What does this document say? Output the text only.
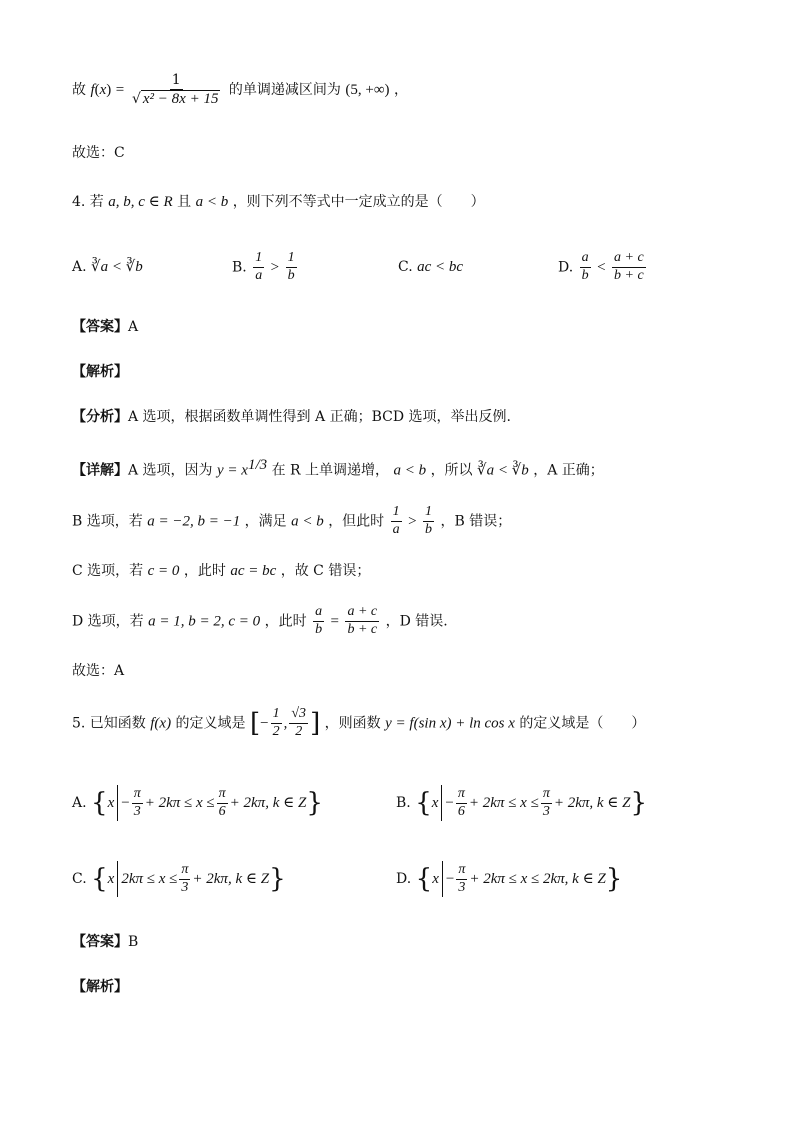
故 $f(x) = \frac{1}{\text{√ x² − 8x + 15}}$ 的单调递减区间为 (5, +∞) ，
故选：C
4. 若 a, b, c ∈ R 且 a < b ，则下列不等式中一定成立的是（　　）
A. ∛a < ∛b	B. $\frac{1}{a} > \frac{1}{b}$	C. ac < bc	D. $\frac{a}{b} < \frac{a + c}{b + c}$
【答案】A
【解析】
【分析】A 选项，根据函数单调性得到 A 正确；BCD 选项，举出反例.
【详解】A 选项，因为 $y = x^{1/3}$ 在 R 上单调递增， a < b ，所以 ∛a < ∛b ，A 正确；
B 选项，若 a = −2, b = −1 ，满足 a < b ，但此时 $\frac{1}{a} > \frac{1}{b}$ ，B 错误；
C 选项，若 c = 0 ，此时 ac = bc ，故 C 错误；
D 选项，若 a = 1, b = 2, c = 0 ，此时 $\frac{a}{b} = \frac{a + c}{b + c}$ ，D 错误.
故选：A
5. 已知函数 f(x) 的定义域是 [− $\frac{1}{2}$ , $\frac{√3}{2}$ ] ，则函数 y = f(sin x) + ln cos x 的定义域是（　　）
A. {$x - \frac{\pi}{3} + 2k\pi \le x \le \frac{\pi}{6} + 2k\pi$, k ∈ Z}	B. {$x - \frac{\pi}{6} + 2k\pi \le x \le \frac{\pi}{3} + 2k\pi$, k ∈ Z}
C. {x $2k\pi \le x \le \frac{\pi}{3} + 2k\pi$, k ∈ Z}	D. {$x - \frac{\pi}{3} + 2k\pi \le x \le 2k\pi$, k ∈ Z}
【答案】B
【解析】
